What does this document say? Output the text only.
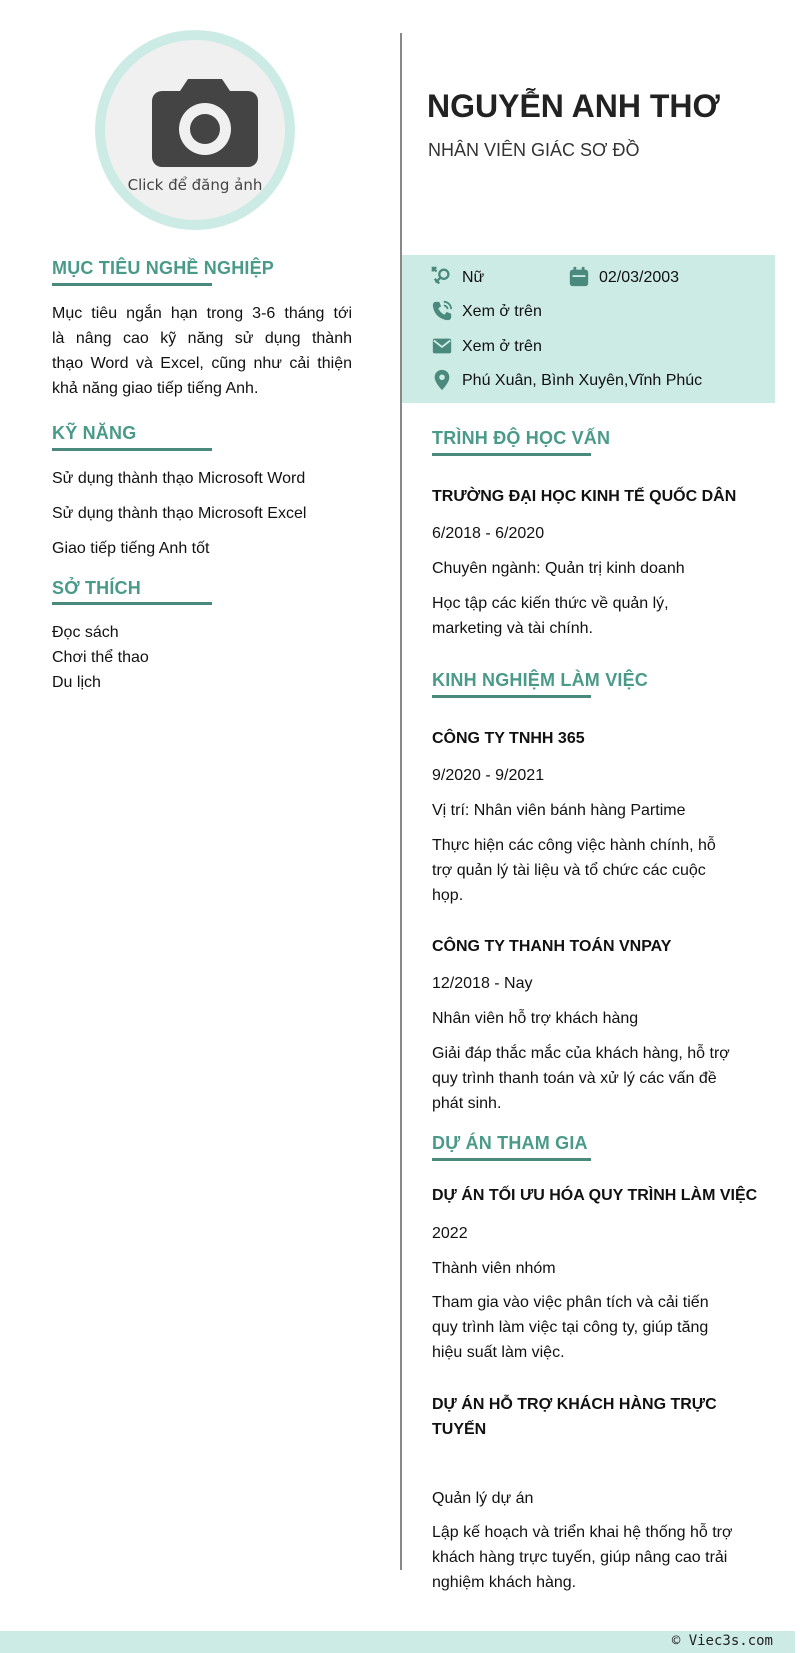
Click để đăng ảnh
MỤC TIÊU NGHỀ NGHIỆP
Mục tiêu ngắn hạn trong 3-6 tháng tới
là nâng cao kỹ năng sử dụng thành
thạo Word và Excel, cũng như cải thiện
khả năng giao tiếp tiếng Anh.
KỸ NĂNG
Sử dụng thành thạo Microsoft Word
Sử dụng thành thạo Microsoft Excel
Giao tiếp tiếng Anh tốt
SỞ THÍCH
Đọc sách
Chơi thể thao
Du lịch
NGUYỄN ANH THƠ
NHÂN VIÊN GIÁC SƠ ĐỒ
Nữ	02/03/2003
Xem ở trên
Xem ở trên
Phú Xuân, Bình Xuyên,Vĩnh Phúc
TRÌNH ĐỘ HỌC VẤN
TRƯỜNG ĐẠI HỌC KINH TẾ QUỐC DÂN
6/2018 - 6/2020
Chuyên ngành: Quản trị kinh doanh
Học tập các kiến thức về quản lý,
marketing và tài chính.
KINH NGHIỆM LÀM VIỆC
CÔNG TY TNHH 365
9/2020 - 9/2021
Vị trí: Nhân viên bánh hàng Partime
Thực hiện các công việc hành chính, hỗ
trợ quản lý tài liệu và tổ chức các cuộc
họp.
CÔNG TY THANH TOÁN VNPAY
12/2018 - Nay
Nhân viên hỗ trợ khách hàng
Giải đáp thắc mắc của khách hàng, hỗ trợ
quy trình thanh toán và xử lý các vấn đề
phát sinh.
DỰ ÁN THAM GIA
DỰ ÁN TỐI ƯU HÓA QUY TRÌNH LÀM VIỆC
2022
Thành viên nhóm
Tham gia vào việc phân tích và cải tiến
quy trình làm việc tại công ty, giúp tăng
hiệu suất làm việc.
DỰ ÁN HỖ TRỢ KHÁCH HÀNG TRỰC
TUYẾN
Quản lý dự án
Lập kế hoạch và triển khai hệ thống hỗ trợ
khách hàng trực tuyến, giúp nâng cao trải
nghiệm khách hàng.
© Viec3s.com
